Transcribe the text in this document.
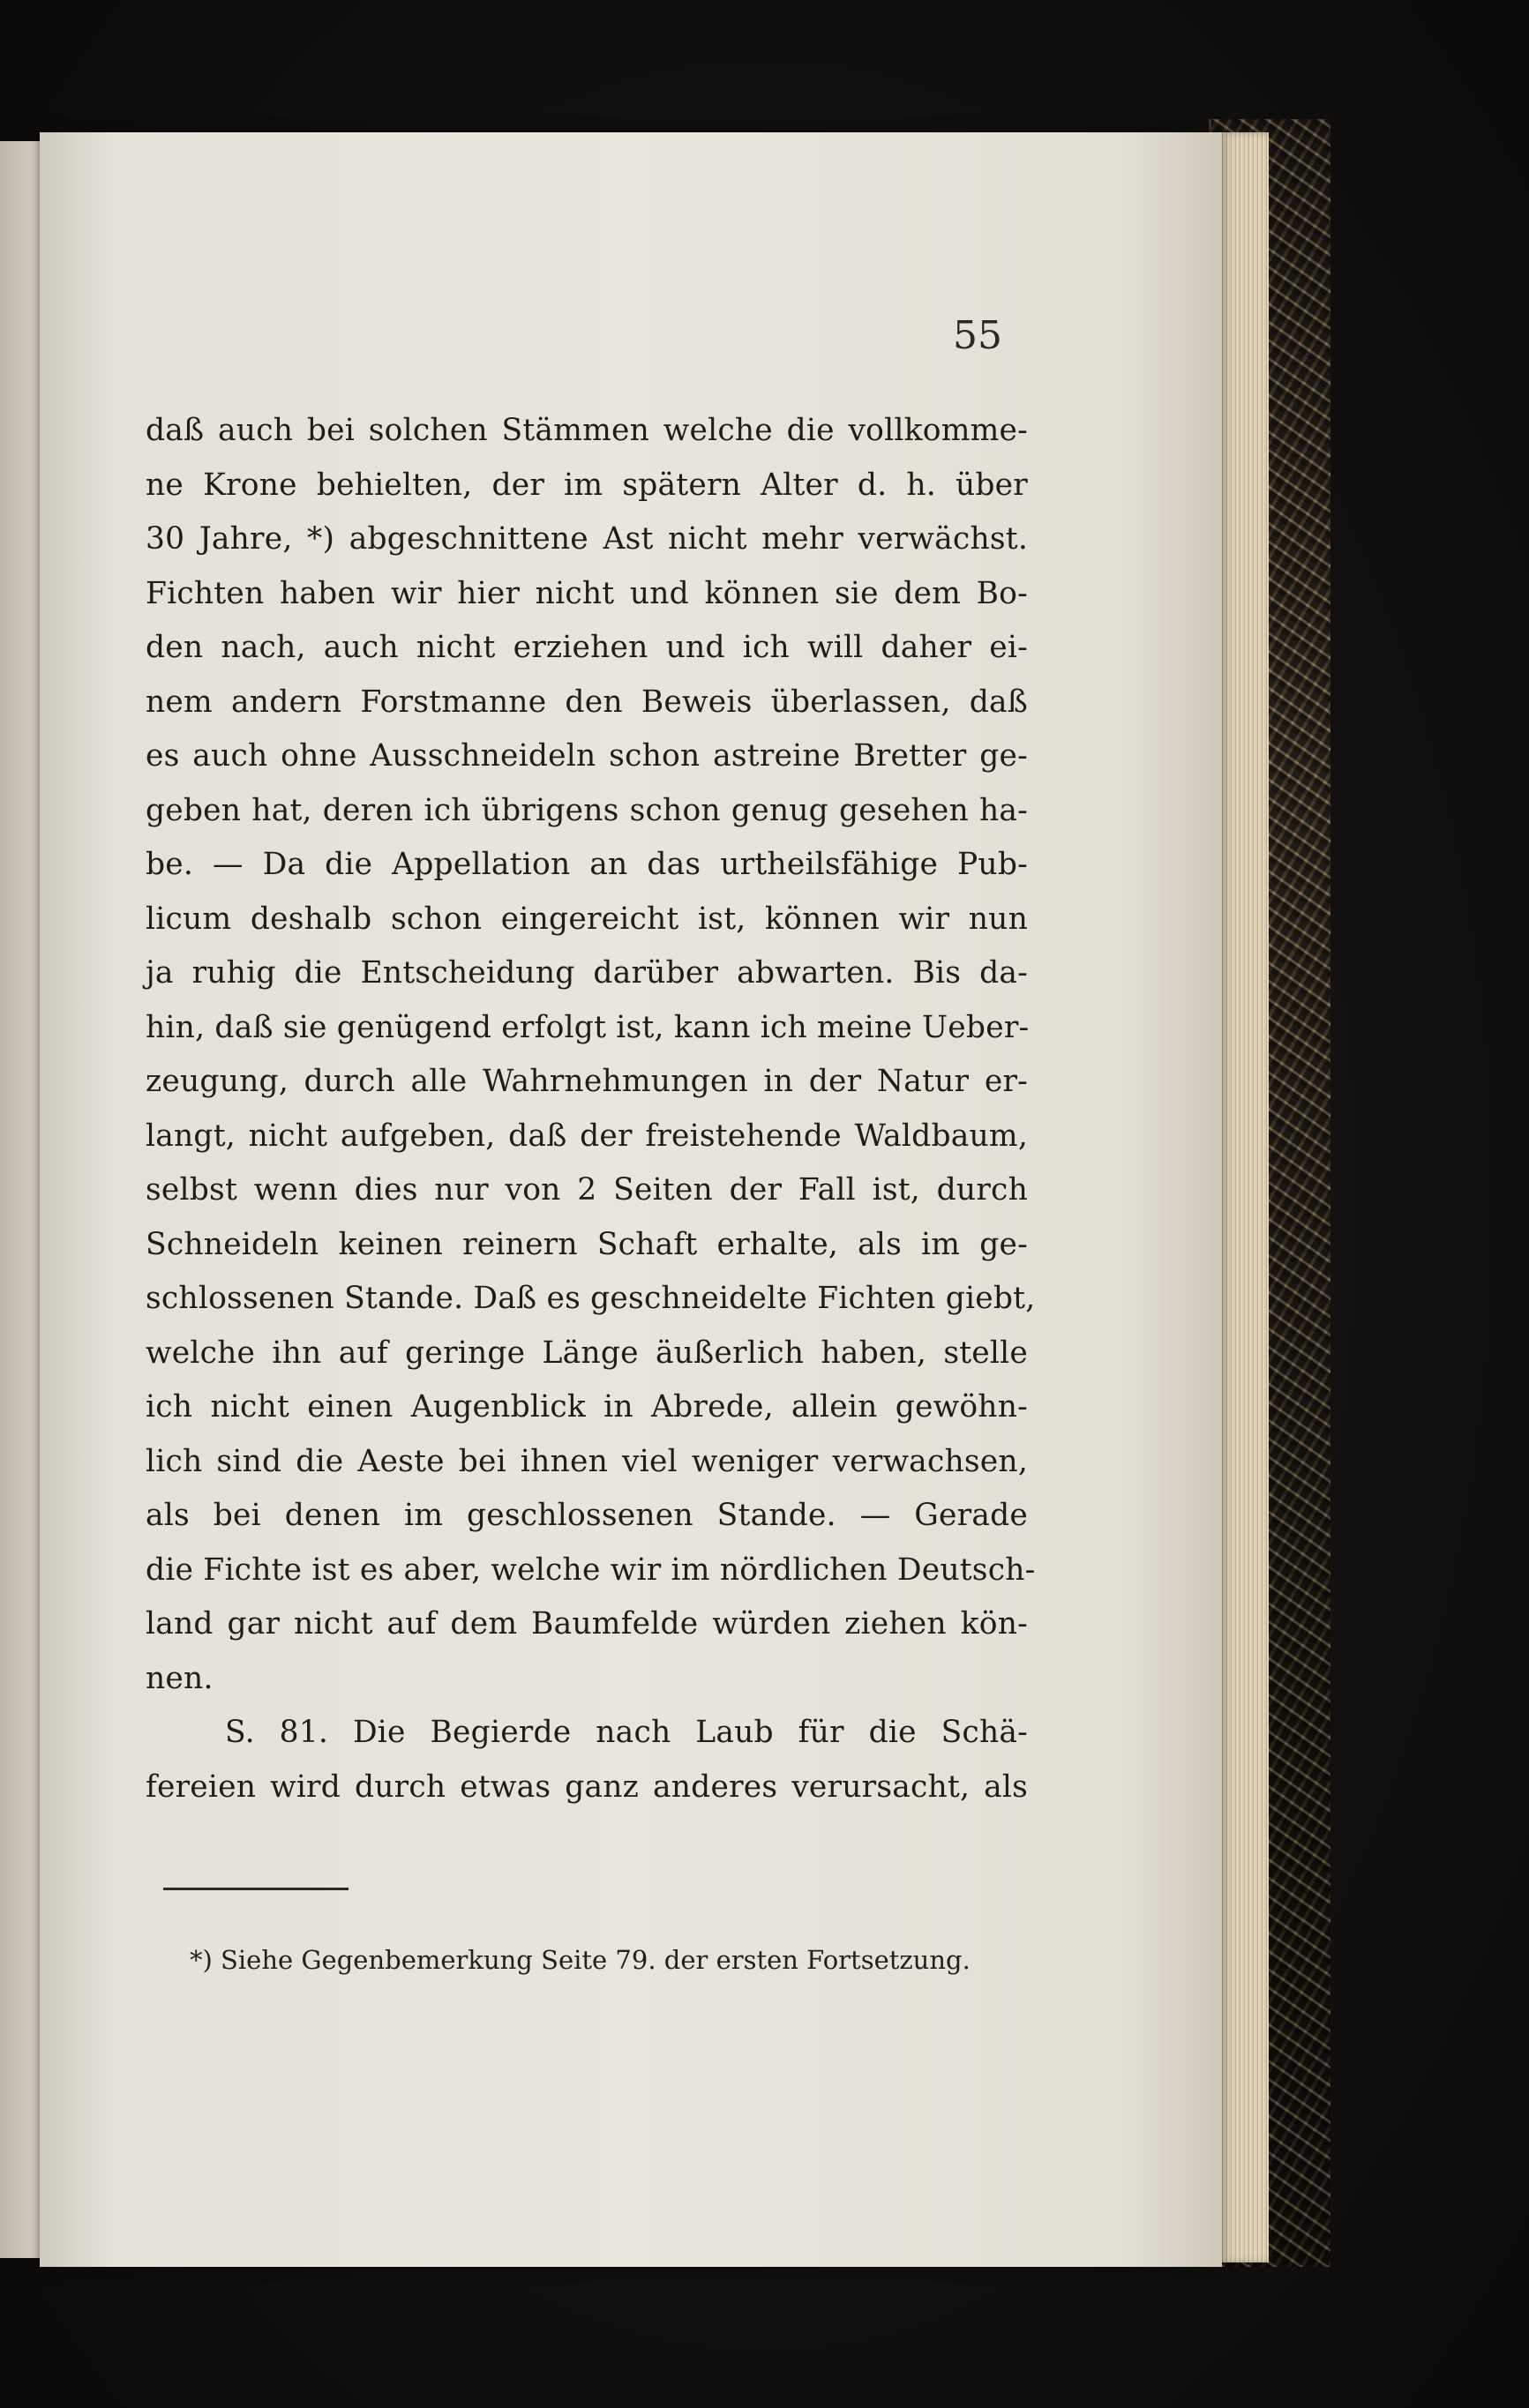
55
daß auch bei solchen Stämmen welche die vollkomme-
ne Krone behielten, der im spätern Alter d. h. über
30 Jahre, *) abgeschnittene Ast nicht mehr verwächst.
Fichten haben wir hier nicht und können sie dem Bo-
den nach, auch nicht erziehen und ich will daher ei-
nem andern Forstmanne den Beweis überlassen, daß
es auch ohne Ausschneideln schon astreine Bretter ge-
geben hat, deren ich übrigens schon genug gesehen ha-
be. — Da die Appellation an das urtheilsfähige Pub-
licum deshalb schon eingereicht ist, können wir nun
ja ruhig die Entscheidung darüber abwarten. Bis da-
hin, daß sie genügend erfolgt ist, kann ich meine Ueber-
zeugung, durch alle Wahrnehmungen in der Natur er-
langt, nicht aufgeben, daß der freistehende Waldbaum,
selbst wenn dies nur von 2 Seiten der Fall ist, durch
Schneideln keinen reinern Schaft erhalte, als im ge-
schlossenen Stande. Daß es geschneidelte Fichten giebt,
welche ihn auf geringe Länge äußerlich haben, stelle
ich nicht einen Augenblick in Abrede, allein gewöhn-
lich sind die Aeste bei ihnen viel weniger verwachsen,
als bei denen im geschlossenen Stande. — Gerade
die Fichte ist es aber, welche wir im nördlichen Deutsch-
land gar nicht auf dem Baumfelde würden ziehen kön-
nen.
S. 81. Die Begierde nach Laub für die Schä-
fereien wird durch etwas ganz anderes verursacht, als
*) Siehe Gegenbemerkung Seite 79. der ersten Fortsetzung.
